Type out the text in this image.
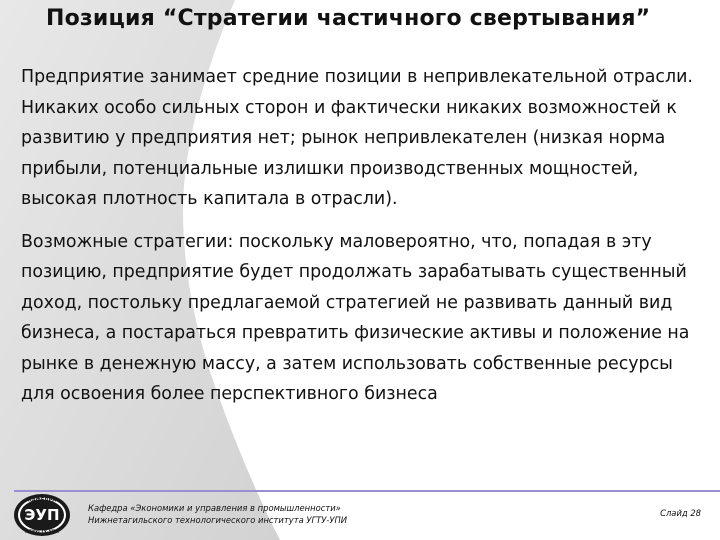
Позиция “Стратегии частичного свертывания”

Предприятие занимает средние позиции в непривлекательной отрасли. Никаких особо сильных сторон и фактически никаких возможностей к развитию у предприятия нет; рынок непривлекателен (низкая норма прибыли, потенциальные излишки производственных мощностей, высокая плотность капитала в отрасли).

Возможные стратегии: поскольку маловероятно, что, попадая в эту позицию, предприятие будет продолжать зарабатывать существенный доход, постольку предлагаемой стратегией не развивать данный вид бизнеса, а постараться превратить физические активы и положение на рынке в денежную массу, а затем использовать собственные ресурсы для освоения более перспективного бизнеса

КАФЕДРА
ЭУП
НТИУГТУ-УПИ
Кафедра «Экономики и управления в промышленности»
Нижнетагильского технологического института УГТУ-УПИ
Слайд 28
